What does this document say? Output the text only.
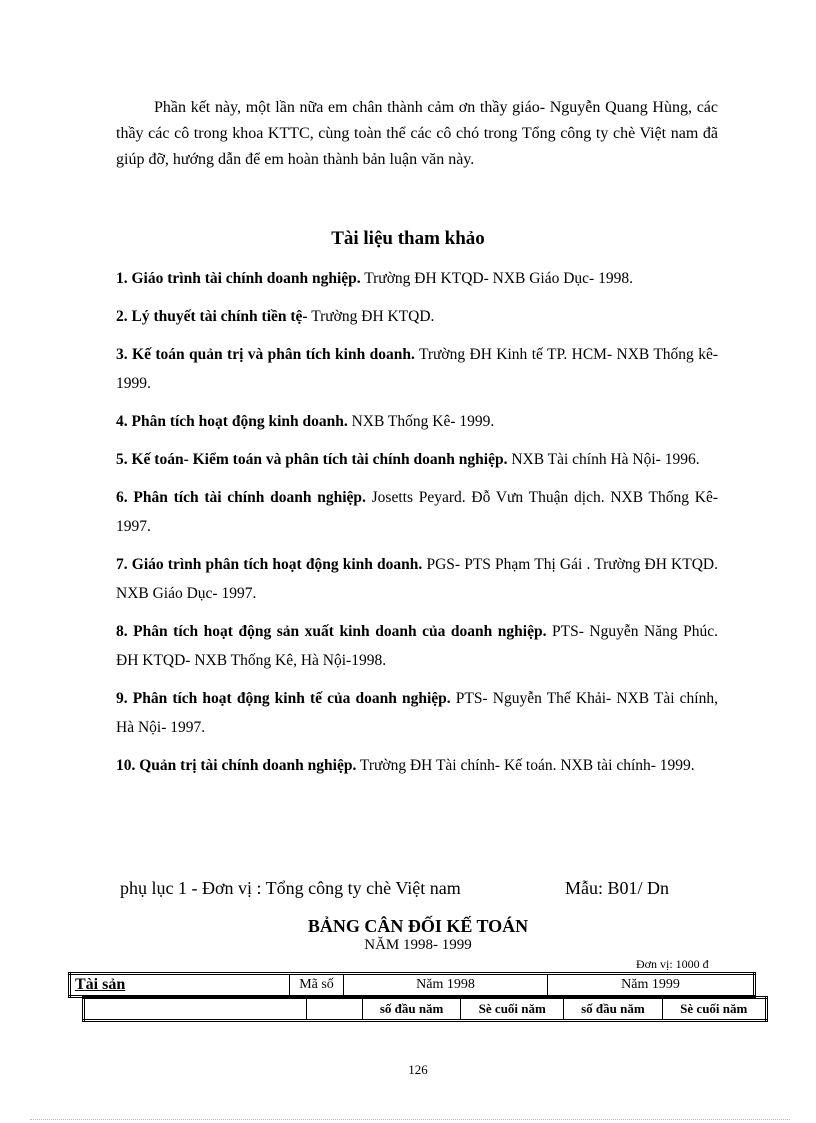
Phần kết này, một lần nữa em chân thành cảm ơn thầy giáo- Nguyễn Quang Hùng, các thầy các cô trong khoa KTTC, cùng toàn thể các cô chó trong Tổng công ty chè Việt nam đã giúp đỡ, hướng dẫn để em hoàn thành bản luận văn này.

Tài liệu tham khảo

1. Giáo trình tài chính doanh nghiệp. Trường ĐH KTQD- NXB Giáo Dục- 1998.

2. Lý thuyết tài chính tiền tệ- Trường ĐH KTQD.

3. Kế toán quản trị và phân tích kinh doanh. Trường ĐH Kinh tế TP. HCM- NXB Thống kê- 1999.

4. Phân tích hoạt động kinh doanh. NXB Thống Kê- 1999.

5. Kế toán- Kiểm toán và phân tích tài chính doanh nghiệp. NXB Tài chính Hà Nội- 1996.

6. Phân tích tài chính doanh nghiệp. Josetts Peyard. Đỗ Vưn Thuận dịch. NXB Thống Kê- 1997.

7. Giáo trình phân tích hoạt động kinh doanh. PGS- PTS Phạm Thị Gái . Trường ĐH KTQD. NXB Giáo Dục- 1997.

8. Phân tích hoạt động sản xuất kinh doanh của doanh nghiệp. PTS- Nguyễn Năng Phúc. ĐH KTQD- NXB Thống Kê, Hà Nội-1998.

9. Phân tích hoạt động kinh tế của doanh nghiệp. PTS- Nguyễn Thế Khải- NXB Tài chính, Hà Nội- 1997.

10. Quản trị tài chính doanh nghiệp. Trường ĐH Tài chính- Kế toán. NXB tài chính- 1999.

phụ lục 1 - Đơn vị : Tổng công ty chè Việt nam	Mẫu: B01/ Dn
BẢNG CÂN ĐỐI KẾ TOÁN
NĂM 1998- 1999
Đơn vị: 1000 đ
Tài sản	Mã số	Năm 1998	Năm 1999
		số đầu năm	Sè cuối năm	số đầu năm	Sè cuối năm
126
